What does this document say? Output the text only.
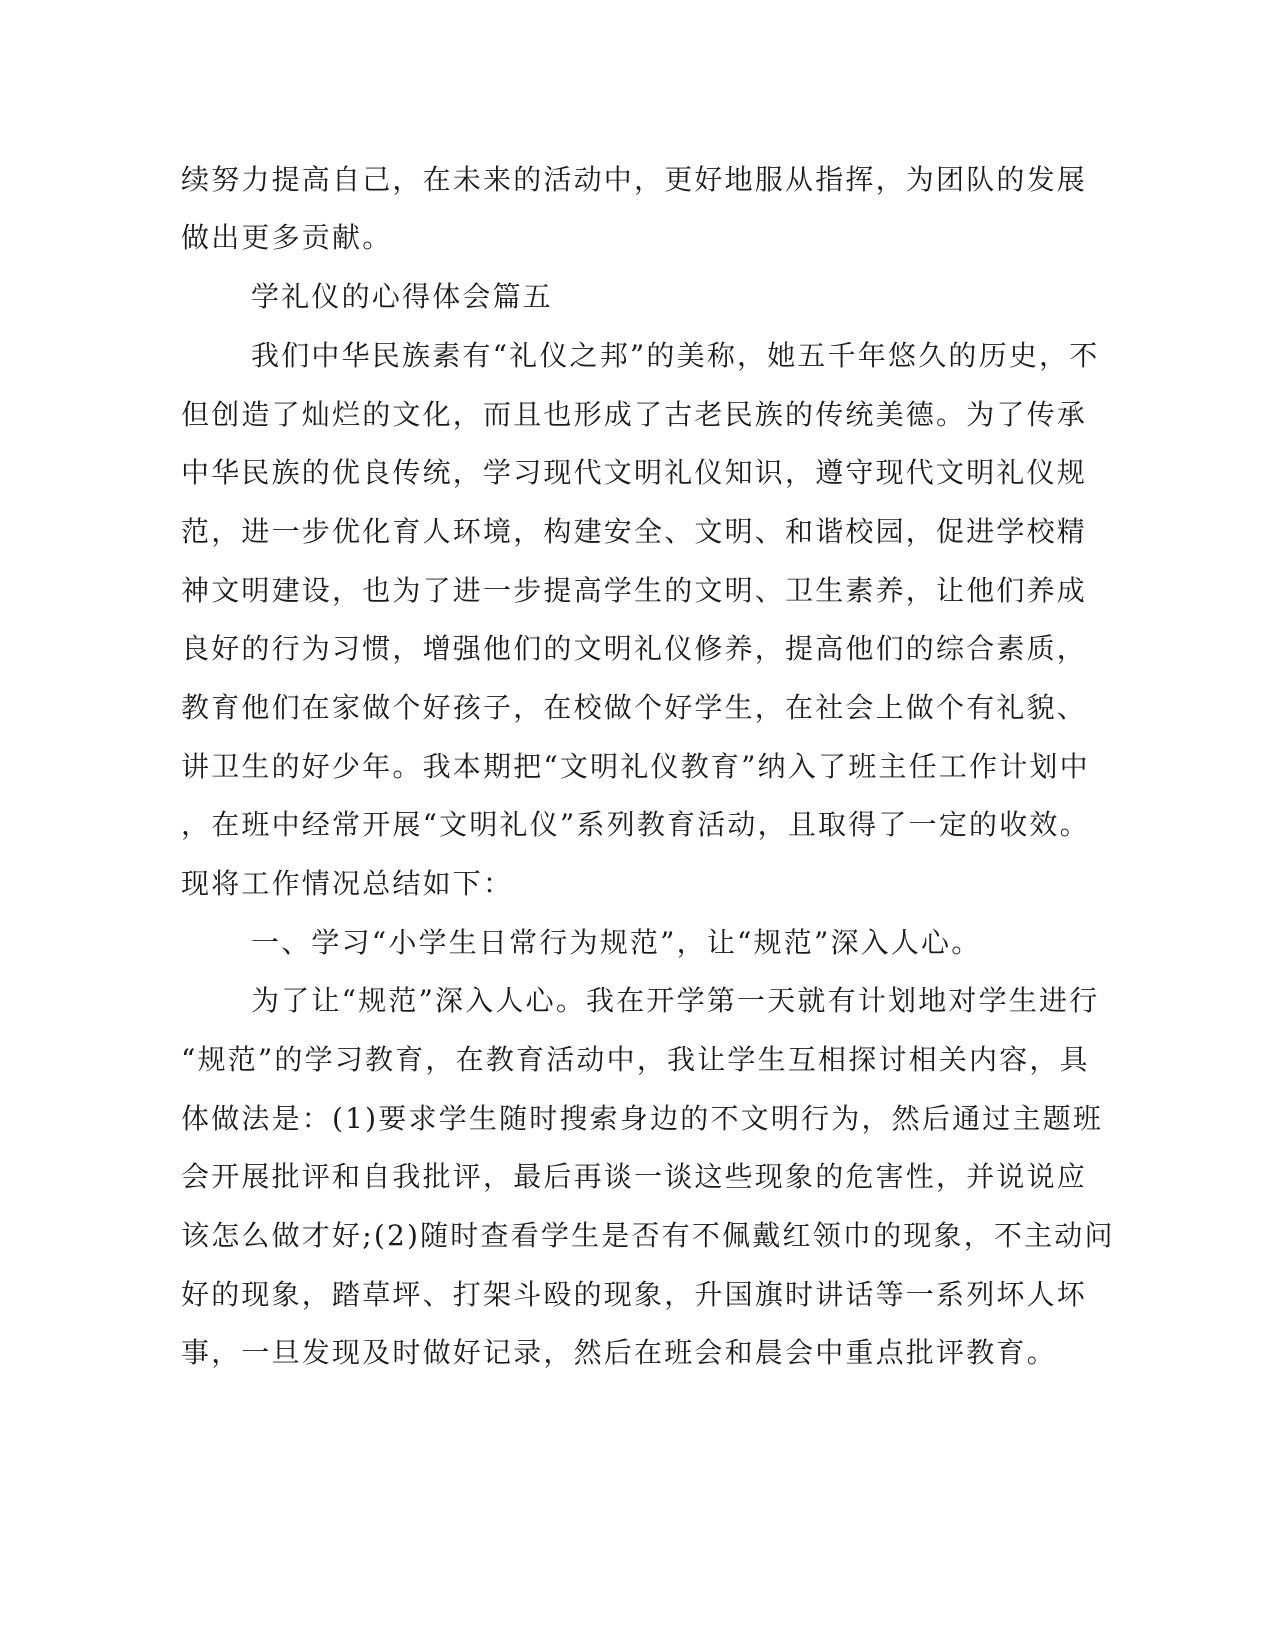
续努力提高自己，在未来的活动中，更好地服从指挥，为团队的发展
做出更多贡献。
学礼仪的心得体会篇五
我们中华民族素有“礼仪之邦”的美称，她五千年悠久的历史，不
但创造了灿烂的文化，而且也形成了古老民族的传统美德。为了传承
中华民族的优良传统，学习现代文明礼仪知识，遵守现代文明礼仪规
范，进一步优化育人环境，构建安全、文明、和谐校园，促进学校精
神文明建设，也为了进一步提高学生的文明、卫生素养，让他们养成
良好的行为习惯，增强他们的文明礼仪修养，提高他们的综合素质，
教育他们在家做个好孩子，在校做个好学生，在社会上做个有礼貌、
讲卫生的好少年。我本期把“文明礼仪教育”纳入了班主任工作计划中
，在班中经常开展“文明礼仪”系列教育活动，且取得了一定的收效。
现将工作情况总结如下：
一、学习“小学生日常行为规范”，让“规范”深入人心。
为了让“规范”深入人心。我在开学第一天就有计划地对学生进行
“规范”的学习教育，在教育活动中，我让学生互相探讨相关内容，具
体做法是：(1)要求学生随时搜索身边的不文明行为，然后通过主题班
会开展批评和自我批评，最后再谈一谈这些现象的危害性，并说说应
该怎么做才好;(2)随时查看学生是否有不佩戴红领巾的现象，不主动问
好的现象，踏草坪、打架斗殴的现象，升国旗时讲话等一系列坏人坏
事，一旦发现及时做好记录，然后在班会和晨会中重点批评教育。
